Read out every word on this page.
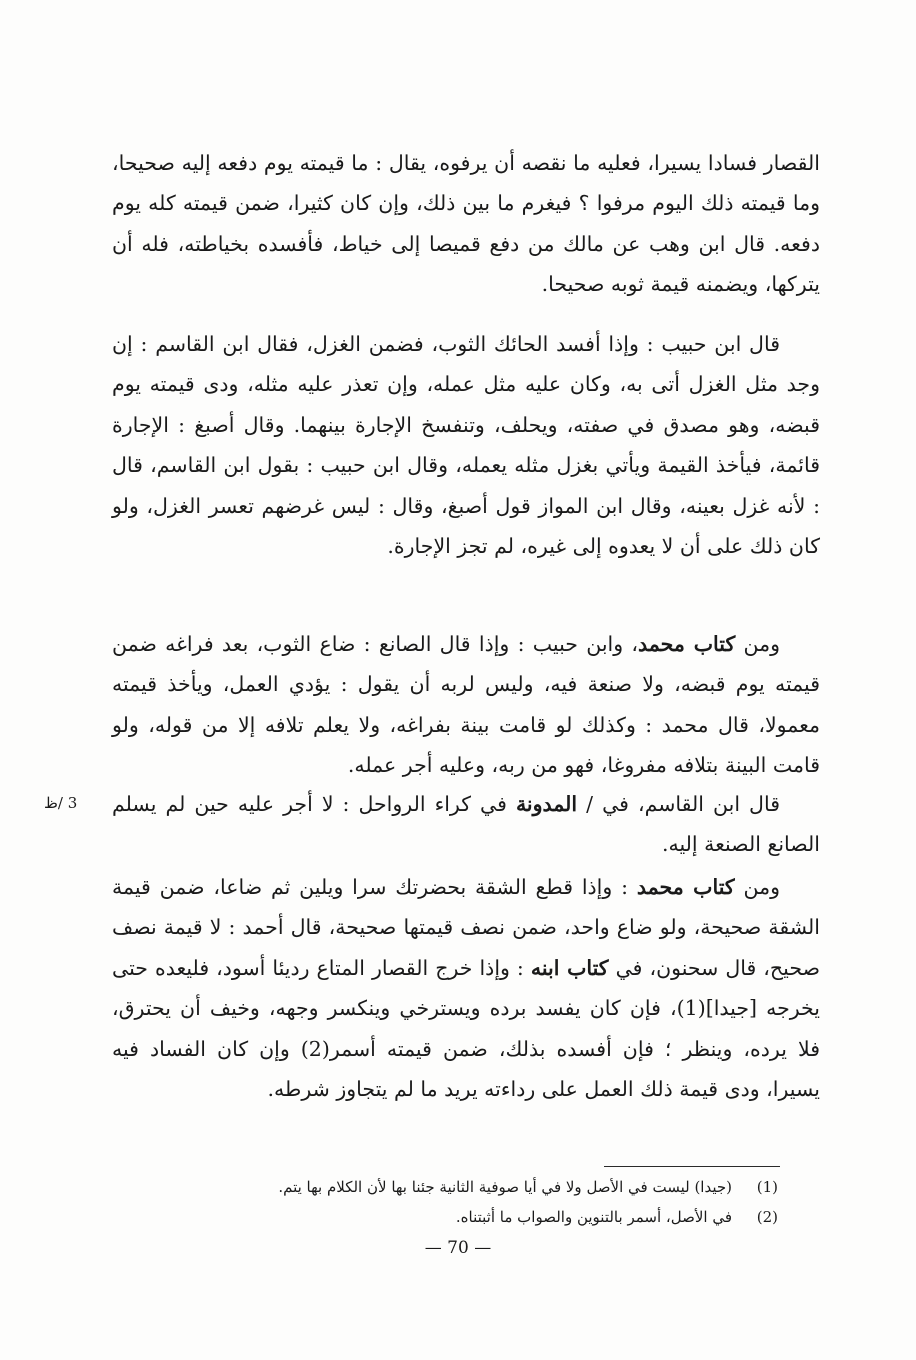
القصار فسادا يسيرا، فعليه ما نقصه أن يرفوه، يقال : ما قيمته يوم دفعه إليه صحيحا، وما قيمته ذلك اليوم مرفوا ؟ فيغرم ما بين ذلك، وإن كان كثيرا، ضمن قيمته كله يوم دفعه. قال ابن وهب عن مالك من دفع قميصا إلى خياط، فأفسده بخياطته، فله أن يتركها، ويضمنه قيمة ثوبه صحيحا.

قال ابن حبيب : وإذا أفسد الحائك الثوب، فضمن الغزل، فقال ابن القاسم : إن وجد مثل الغزل أتى به، وكان عليه مثل عمله، وإن تعذر عليه مثله، ودى قيمته يوم قبضه، وهو مصدق في صفته، ويحلف، وتنفسخ الإجارة بينهما. وقال أصبغ : الإجارة قائمة، فيأخذ القيمة ويأتي بغزل مثله يعمله، وقال ابن حبيب : بقول ابن القاسم، قال : لأنه غزل بعينه، وقال ابن المواز قول أصبغ، وقال : ليس غرضهم تعسر الغزل، ولو كان ذلك على أن لا يعدوه إلى غيره، لم تجز الإجارة.

ومن كتاب محمد، وابن حبيب : وإذا قال الصانع : ضاع الثوب، بعد فراغه ضمن قيمته يوم قبضه، ولا صنعة فيه، وليس لربه أن يقول : يؤدي العمل، ويأخذ قيمته معمولا، قال محمد : وكذلك لو قامت بينة بفراغه، ولا يعلم تلافه إلا من قوله، ولو قامت البينة بتلافه مفروغا، فهو من ربه، وعليه أجر عمله.

قال ابن القاسم، في / المدونة في كراء الرواحل : لا أجر عليه حين لم يسلم الصانع الصنعة إليه.

3 /ظ

ومن كتاب محمد : وإذا قطع الشقة بحضرتك سرا ويلين ثم ضاعا، ضمن قيمة الشقة صحيحة، ولو ضاع واحد، ضمن نصف قيمتها صحيحة، قال أحمد : لا قيمة نصف صحيح، قال سحنون، في كتاب ابنه : وإذا خرج القصار المتاع رديئا أسود، فليعده حتى يخرجه [جيدا](1)، فإن كان يفسد برده ويسترخي وينكسر وجهه، وخيف أن يحترق، فلا يرده، وينظر ؛ فإن أفسده بذلك، ضمن قيمته أسمر(2) وإن كان الفساد فيه يسيرا، ودى قيمة ذلك العمل على رداءته يريد ما لم يتجاوز شرطه.

(1)
(جيدا) ليست في الأصل ولا في أيا صوفية الثانية جئنا بها لأن الكلام بها يتم.
(2)
في الأصل، أسمر بالتنوين والصواب ما أثبتناه.
— 70 —
